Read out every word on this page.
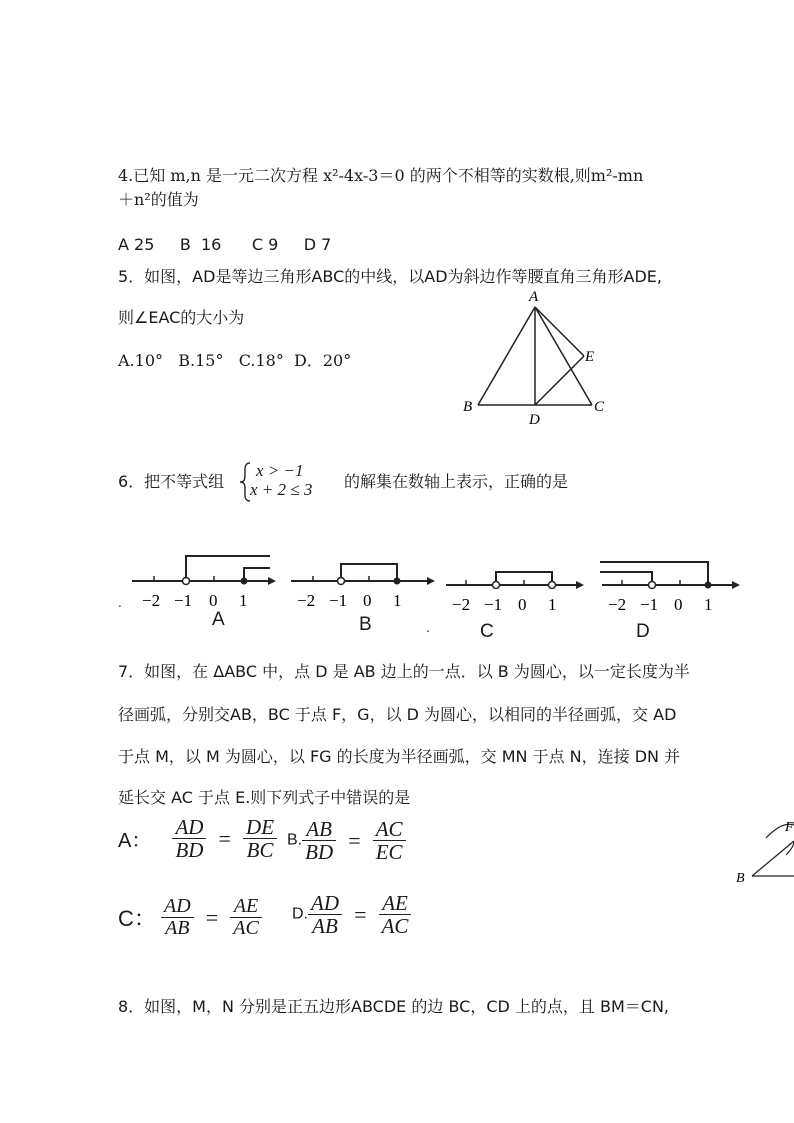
4.已知 m,n 是一元二次方程 x²-4x-3＝0 的两个不相等的实数根,则m²-mn
＋n²的值为
A 25     B  16      C 9     D 7
5．如图，AD是等边三角形ABC的中线，以AD为斜边作等腰直角三角形ADE,
则∠EAC的大小为
A.10°   B.15°   C.18°  D．20°
A
B	C
D
E
6．把不等式组
x > −1
x + 2 ≤ 3 的解集在数轴上表示，正确的是
−2 −1 0 1
.
A
−2 −1 0 1
B
−2 −1 0 1
.	C
−2 −1 0 1
D
7．如图，在 ΔABC 中，点 D 是 AB 边上的一点．以 B 为圆心，以一定长度为半
径画弧，分别交AB，BC 于点 F，G，以 D 为圆心，以相同的半径画弧，交 AD
于点 M，以 M 为圆心，以 FG 的长度为半径画弧，交 MN 于点 N，连接 DN 并
延长交 AC 于点 E.则下列式子中错误的是
A： $\frac{AD}{BD} = \frac{DE}{BC} B$. $\frac{AB}{BD} = \frac{AC}{EC}$
C： $\frac{AD}{AB} = \frac{AE}{AC} D$. $\frac{AD}{AB} = \frac{AE}{AC}$
B
F
8．如图，M，N 分别是正五边形ABCDE 的边 BC，CD 上的点，且 BM＝CN,
